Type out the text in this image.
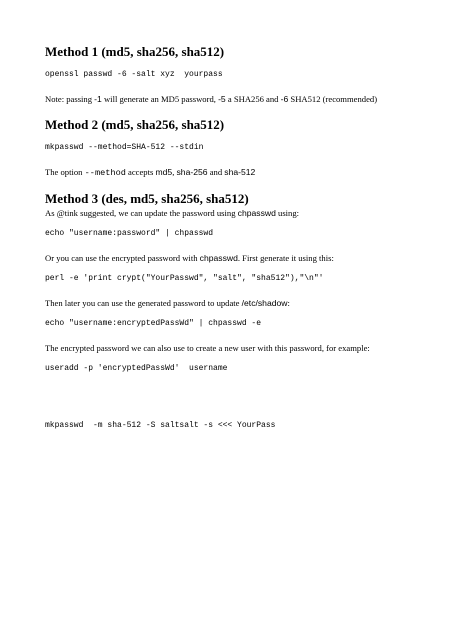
Method 1 (md5, sha256, sha512)

openssl passwd -6 -salt xyz  yourpass

Note: passing -1 will generate an MD5 password, -5 a SHA256 and -6 SHA512 (recommended)

Method 2 (md5, sha256, sha512)

mkpasswd --method=SHA-512 --stdin

The option --method accepts md5, sha-256 and sha-512

Method 3 (des, md5, sha256, sha512)

As @tink suggested, we can update the password using chpasswd using:

echo "username:password" | chpasswd

Or you can use the encrypted password with chpasswd. First generate it using this:

perl -e 'print crypt("YourPasswd", "salt", "sha512"),"\n"'

Then later you can use the generated password to update /etc/shadow:

echo "username:encryptedPassWd" | chpasswd -e

The encrypted password we can also use to create a new user with this password, for example:

useradd -p 'encryptedPassWd'  username

mkpasswd  -m sha-512 -S saltsalt -s <<< YourPass
